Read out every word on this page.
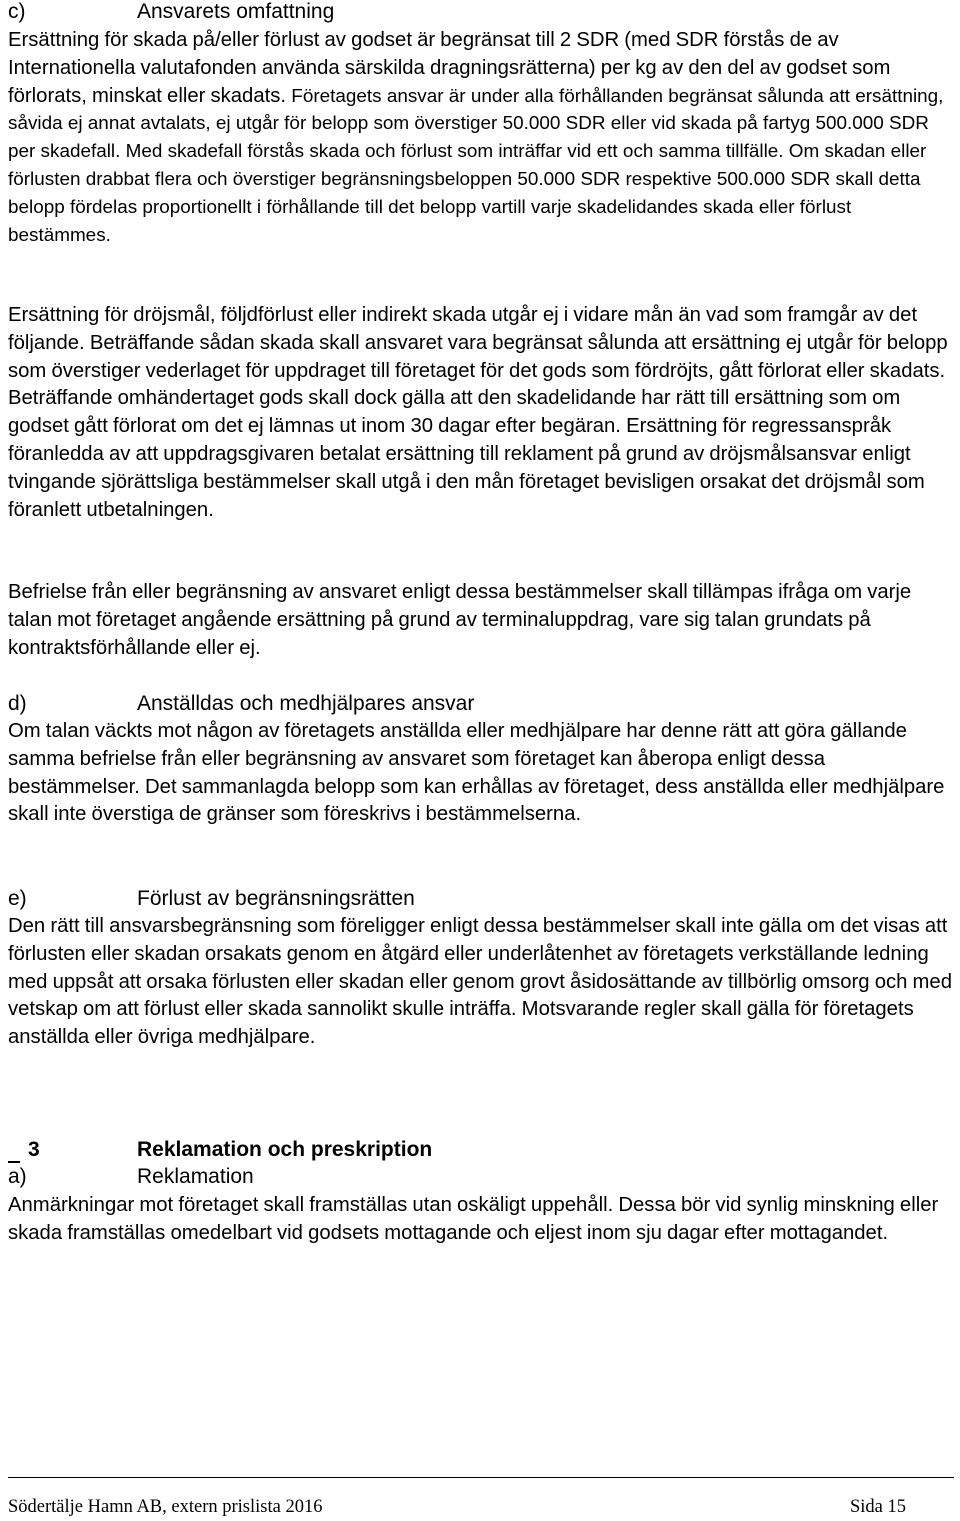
c)	Ansvarets omfattning
Ersättning för skada på/eller förlust av godset är begränsat till 2 SDR (med SDR förstås de av Internationella valutafonden använda särskilda dragningsrätterna) per kg av den del av godset som förlorats, minskat eller skadats. Företagets ansvar är under alla förhållanden begränsat sålunda att ersättning, såvida ej annat avtalats, ej utgår för belopp som överstiger 50.000 SDR eller vid skada på fartyg 500.000 SDR per skadefall. Med skadefall förstås skada och förlust som inträffar vid ett och samma tillfälle. Om skadan eller förlusten drabbat flera och överstiger begränsningsbeloppen 50.000 SDR respektive 500.000 SDR skall detta belopp fördelas proportionellt i förhållande till det belopp vartill varje skadelidandes skada eller förlust bestämmes.
Ersättning för dröjsmål, följdförlust eller indirekt skada utgår ej i vidare mån än vad som framgår av det följande. Beträffande sådan skada skall ansvaret vara begränsat sålunda att ersättning ej utgår för belopp som överstiger vederlaget för uppdraget till företaget för det gods som fördröjts, gått förlorat eller skadats. Beträffande omhändertaget gods skall dock gälla att den skadelidande har rätt till ersättning som om godset gått förlorat om det ej lämnas ut inom 30 dagar efter begäran. Ersättning för regressanspråk föranledda av att uppdragsgivaren betalat ersättning till reklament på grund av dröjsmålsansvar enligt tvingande sjörättsliga bestämmelser skall utgå i den mån företaget bevisligen orsakat det dröjsmål som föranlett utbetalningen.
Befrielse från eller begränsning av ansvaret enligt dessa bestämmelser skall tillämpas ifråga om varje talan mot företaget angående ersättning på grund av terminaluppdrag, vare sig talan grundats på kontraktsförhållande eller ej.
d)	Anställdas och medhjälpares ansvar
Om talan väckts mot någon av företagets anställda eller medhjälpare har denne rätt att göra gällande samma befrielse från eller begränsning av ansvaret som företaget kan åberopa enligt dessa bestämmelser. Det sammanlagda belopp som kan erhållas av företaget, dess anställda eller medhjälpare skall inte överstiga de gränser som föreskrivs i bestämmelserna.
e)	Förlust av begränsningsrätten
Den rätt till ansvarsbegränsning som föreligger enligt dessa bestämmelser skall inte gälla om det visas att förlusten eller skadan orsakats genom en åtgärd eller underlåtenhet av företagets verkställande ledning med uppsåt att orsaka förlusten eller skadan eller genom grovt åsidosättande av tillbörlig omsorg och med vetskap om att förlust eller skada sannolikt skulle inträffa. Motsvarande regler skall gälla för företagets anställda eller övriga medhjälpare.
3	Reklamation och preskription
a)	Reklamation
Anmärkningar mot företaget skall framställas utan oskäligt uppehåll. Dessa bör vid synlig minskning eller skada framställas omedelbart vid godsets mottagande och eljest inom sju dagar efter mottagandet.
Södertälje Hamn AB, extern prislista 2016	Sida 15
